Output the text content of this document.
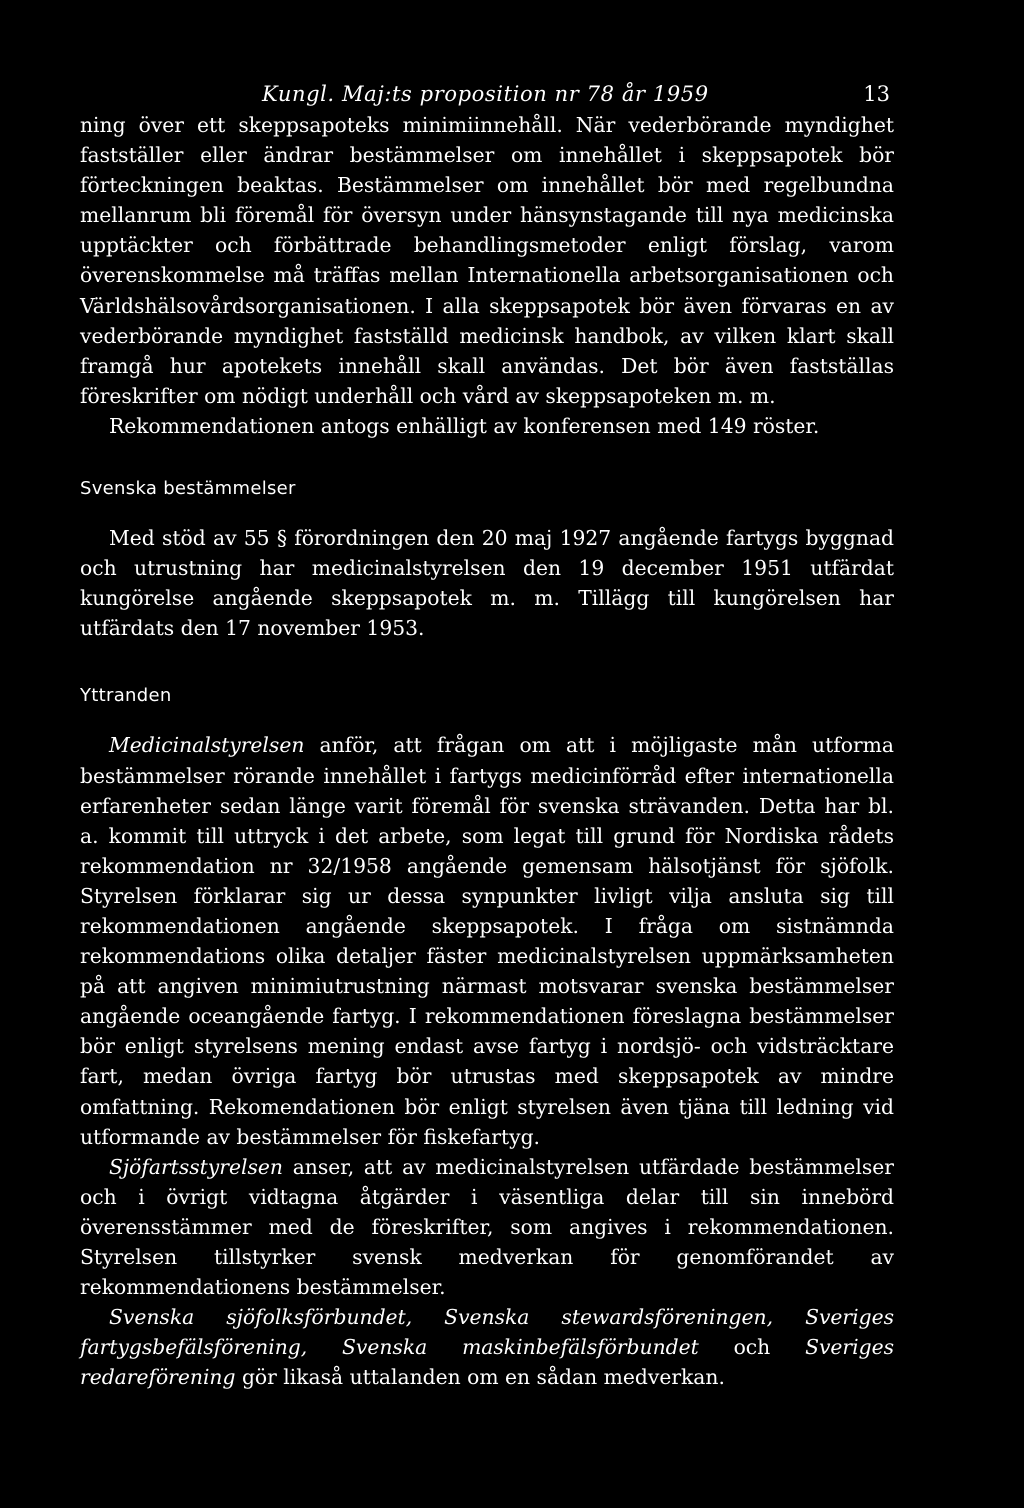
Kungl. Maj:ts proposition nr 78 år 1959	13

ning över ett skeppsapoteks minimiinnehåll. När vederbörande myndighet fastställer eller ändrar bestämmelser om innehållet i skeppsapotek bör förteckningen beaktas. Bestämmelser om innehållet bör med regelbundna mellanrum bli föremål för översyn under hänsynstagande till nya medicinska upptäckter och förbättrade behandlingsmetoder enligt förslag, varom överenskommelse må träffas mellan Internationella arbetsorganisationen och Världshälsovårdsorganisationen. I alla skeppsapotek bör även förvaras en av vederbörande myndighet fastställd medicinsk handbok, av vilken klart skall framgå hur apotekets innehåll skall användas. Det bör även fastställas föreskrifter om nödigt underhåll och vård av skeppsapoteken m. m.

Rekommendationen antogs enhälligt av konferensen med 149 röster.

Svenska bestämmelser

Med stöd av 55 § förordningen den 20 maj 1927 angående fartygs byggnad och utrustning har medicinalstyrelsen den 19 december 1951 utfärdat kungörelse angående skeppsapotek m. m. Tillägg till kungörelsen har utfärdats den 17 november 1953.

Yttranden

Medicinalstyrelsen anför, att frågan om att i möjligaste mån utforma bestämmelser rörande innehållet i fartygs medicinförråd efter internationella erfarenheter sedan länge varit föremål för svenska strävanden. Detta har bl. a. kommit till uttryck i det arbete, som legat till grund för Nordiska rådets rekommendation nr 32/1958 angående gemensam hälsotjänst för sjöfolk. Styrelsen förklarar sig ur dessa synpunkter livligt vilja ansluta sig till rekommendationen angående skeppsapotek. I fråga om sistnämnda rekommendations olika detaljer fäster medicinalstyrelsen uppmärksamheten på att angiven minimiutrustning närmast motsvarar svenska bestämmelser angående oceangående fartyg. I rekommendationen föreslagna bestämmelser bör enligt styrelsens mening endast avse fartyg i nordsjö- och vidsträcktare fart, medan övriga fartyg bör utrustas med skeppsapotek av mindre omfattning. Rekomendationen bör enligt styrelsen även tjäna till ledning vid utformande av bestämmelser för fiskefartyg.

Sjöfartsstyrelsen anser, att av medicinalstyrelsen utfärdade bestämmelser och i övrigt vidtagna åtgärder i väsentliga delar till sin innebörd överensstämmer med de föreskrifter, som angives i rekommendationen. Styrelsen tillstyrker svensk medverkan för genomförandet av rekommendationens bestämmelser.

Svenska sjöfolksförbundet, Svenska stewardsföreningen, Sveriges fartygsbefälsförening, Svenska maskinbefälsförbundet och Sveriges redareförening gör likaså uttalanden om en sådan medverkan.
